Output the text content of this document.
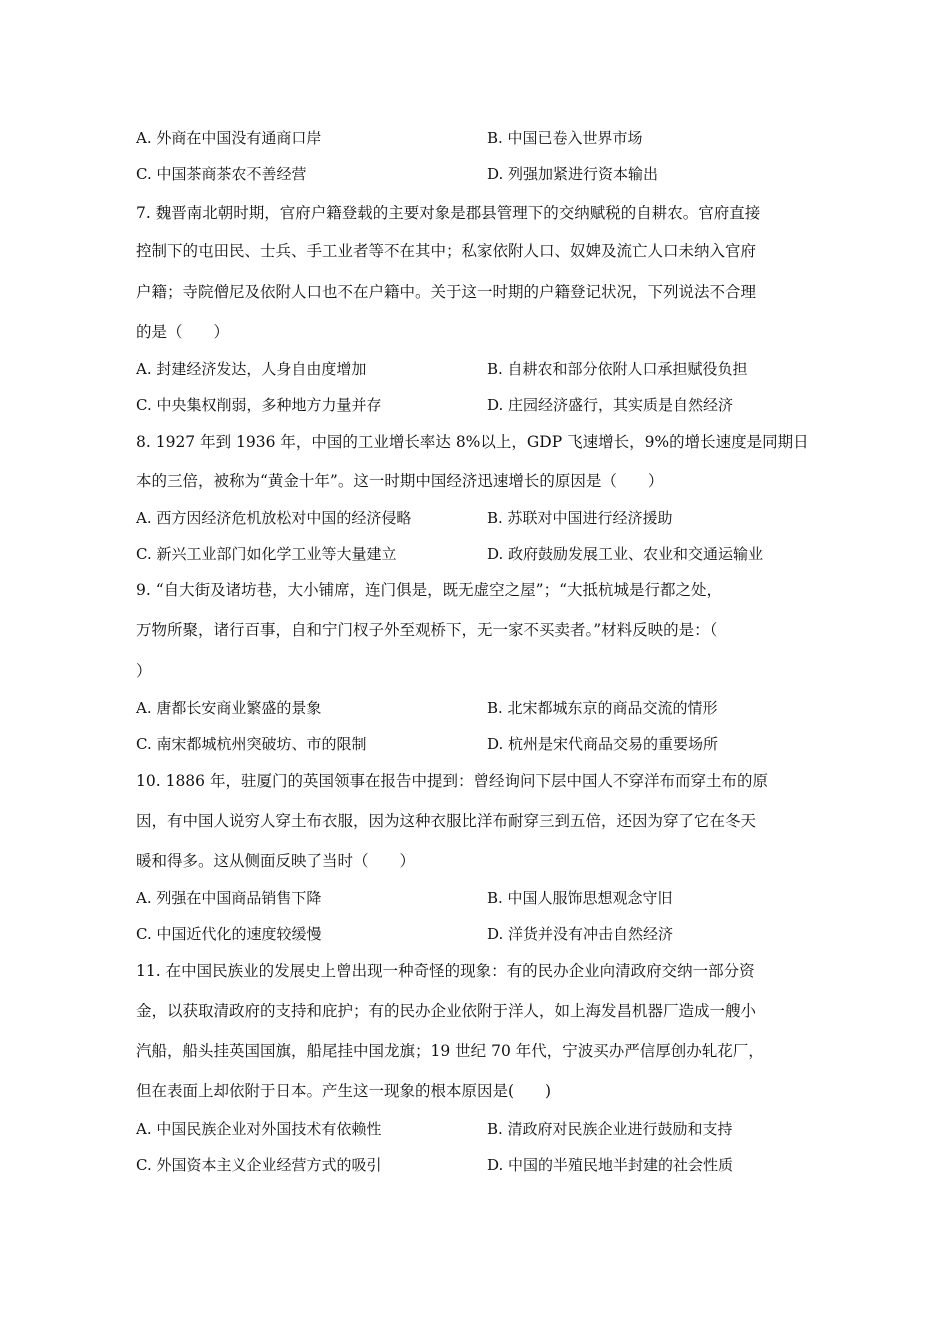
A. 外商在中国没有通商口岸	B. 中国已卷入世界市场
C. 中国茶商茶农不善经营	D. 列强加紧进行资本输出
7. 魏晋南北朝时期，官府户籍登载的主要对象是郡县管理下的交纳赋税的自耕农。官府直接
控制下的屯田民、士兵、手工业者等不在其中；私家依附人口、奴婢及流亡人口未纳入官府
户籍；寺院僧尼及依附人口也不在户籍中。关于这一时期的户籍登记状况，下列说法不合理
的是（　　）
A. 封建经济发达，人身自由度增加	B. 自耕农和部分依附人口承担赋役负担
C. 中央集权削弱，多种地方力量并存	D. 庄园经济盛行，其实质是自然经济
8. 1927 年到 1936 年，中国的工业增长率达 8%以上，GDP 飞速增长，9%的增长速度是同期日
本的三倍，被称为“黄金十年”。这一时期中国经济迅速增长的原因是（　　）
A. 西方因经济危机放松对中国的经济侵略	B. 苏联对中国进行经济援助
C. 新兴工业部门如化学工业等大量建立	D. 政府鼓励发展工业、农业和交通运输业
9. “自大街及诸坊巷，大小铺席，连门俱是，既无虚空之屋”；“大抵杭城是行都之处，
万物所聚，诸行百事，自和宁门杈子外至观桥下，无一家不买卖者。”材料反映的是：（
）
A. 唐都长安商业繁盛的景象	B. 北宋都城东京的商品交流的情形
C. 南宋都城杭州突破坊、市的限制	D. 杭州是宋代商品交易的重要场所
10. 1886 年，驻厦门的英国领事在报告中提到：曾经询问下层中国人不穿洋布而穿土布的原
因，有中国人说穷人穿土布衣服，因为这种衣服比洋布耐穿三到五倍，还因为穿了它在冬天
暖和得多。这从侧面反映了当时（　　）
A. 列强在中国商品销售下降	B. 中国人服饰思想观念守旧
C. 中国近代化的速度较缓慢	D. 洋货并没有冲击自然经济
11. 在中国民族业的发展史上曾出现一种奇怪的现象：有的民办企业向清政府交纳一部分资
金，以获取清政府的支持和庇护；有的民办企业依附于洋人，如上海发昌机器厂造成一艘小
汽船，船头挂英国国旗，船尾挂中国龙旗；19 世纪 70 年代，宁波买办严信厚创办轧花厂，
但在表面上却依附于日本。产生这一现象的根本原因是(　　)
A. 中国民族企业对外国技术有依赖性	B. 清政府对民族企业进行鼓励和支持
C. 外国资本主义企业经营方式的吸引	D. 中国的半殖民地半封建的社会性质
